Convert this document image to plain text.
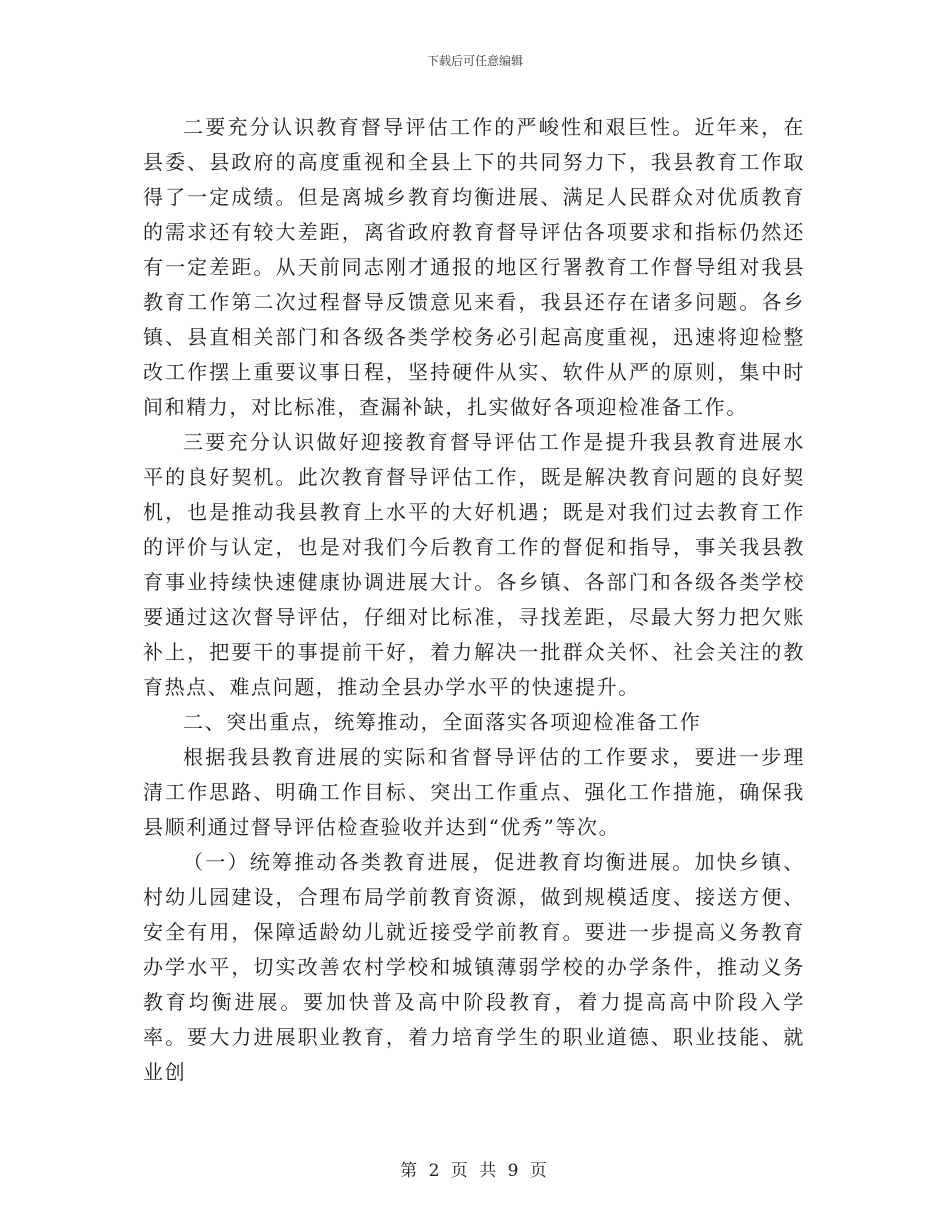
下载后可任意编辑

二要充分认识教育督导评估工作的严峻性和艰巨性。近年来，在县委、县政府的高度重视和全县上下的共同努力下，我县教育工作取得了一定成绩。但是离城乡教育均衡进展、满足人民群众对优质教育的需求还有较大差距，离省政府教育督导评估各项要求和指标仍然还有一定差距。从天前同志刚才通报的地区行署教育工作督导组对我县教育工作第二次过程督导反馈意见来看，我县还存在诸多问题。各乡镇、县直相关部门和各级各类学校务必引起高度重视，迅速将迎检整改工作摆上重要议事日程，坚持硬件从实、软件从严的原则，集中时间和精力，对比标准，查漏补缺，扎实做好各项迎检准备工作。

三要充分认识做好迎接教育督导评估工作是提升我县教育进展水平的良好契机。此次教育督导评估工作，既是解决教育问题的良好契机，也是推动我县教育上水平的大好机遇；既是对我们过去教育工作的评价与认定，也是对我们今后教育工作的督促和指导，事关我县教育事业持续快速健康协调进展大计。各乡镇、各部门和各级各类学校要通过这次督导评估，仔细对比标准，寻找差距，尽最大努力把欠账补上，把要干的事提前干好，着力解决一批群众关怀、社会关注的教育热点、难点问题，推动全县办学水平的快速提升。

二、突出重点，统筹推动，全面落实各项迎检准备工作

根据我县教育进展的实际和省督导评估的工作要求，要进一步理清工作思路、明确工作目标、突出工作重点、强化工作措施，确保我县顺利通过督导评估检查验收并达到“优秀”等次。

（一）统筹推动各类教育进展，促进教育均衡进展。加快乡镇、村幼儿园建设，合理布局学前教育资源，做到规模适度、接送方便、安全有用，保障适龄幼儿就近接受学前教育。要进一步提高义务教育办学水平，切实改善农村学校和城镇薄弱学校的办学条件，推动义务教育均衡进展。要加快普及高中阶段教育，着力提高高中阶段入学率。要大力进展职业教育，着力培育学生的职业道德、职业技能、就业创

第 2 页 共 9 页
